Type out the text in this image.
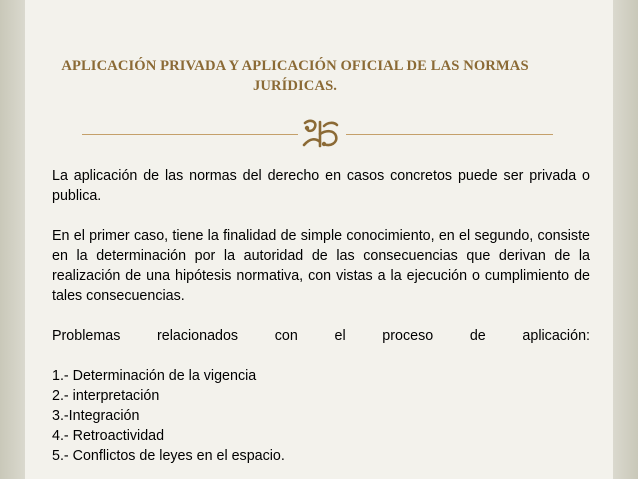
APLICACIÓN PRIVADA Y APLICACIÓN OFICIAL DE LAS NORMAS JURÍDICAS.

La aplicación de las normas del derecho en casos concretos puede ser privada o publica.

En el primer caso, tiene la finalidad de simple conocimiento, en el segundo, consiste en la determinación por la autoridad de las consecuencias que derivan de la realización de una hipótesis normativa, con vistas a la ejecución o cumplimiento de tales consecuencias.

Problemas relacionados con el proceso de aplicación:
1.- Determinación de la vigencia
2.- interpretación
3.-Integración
4.- Retroactividad
5.- Conflictos de leyes en el espacio.
